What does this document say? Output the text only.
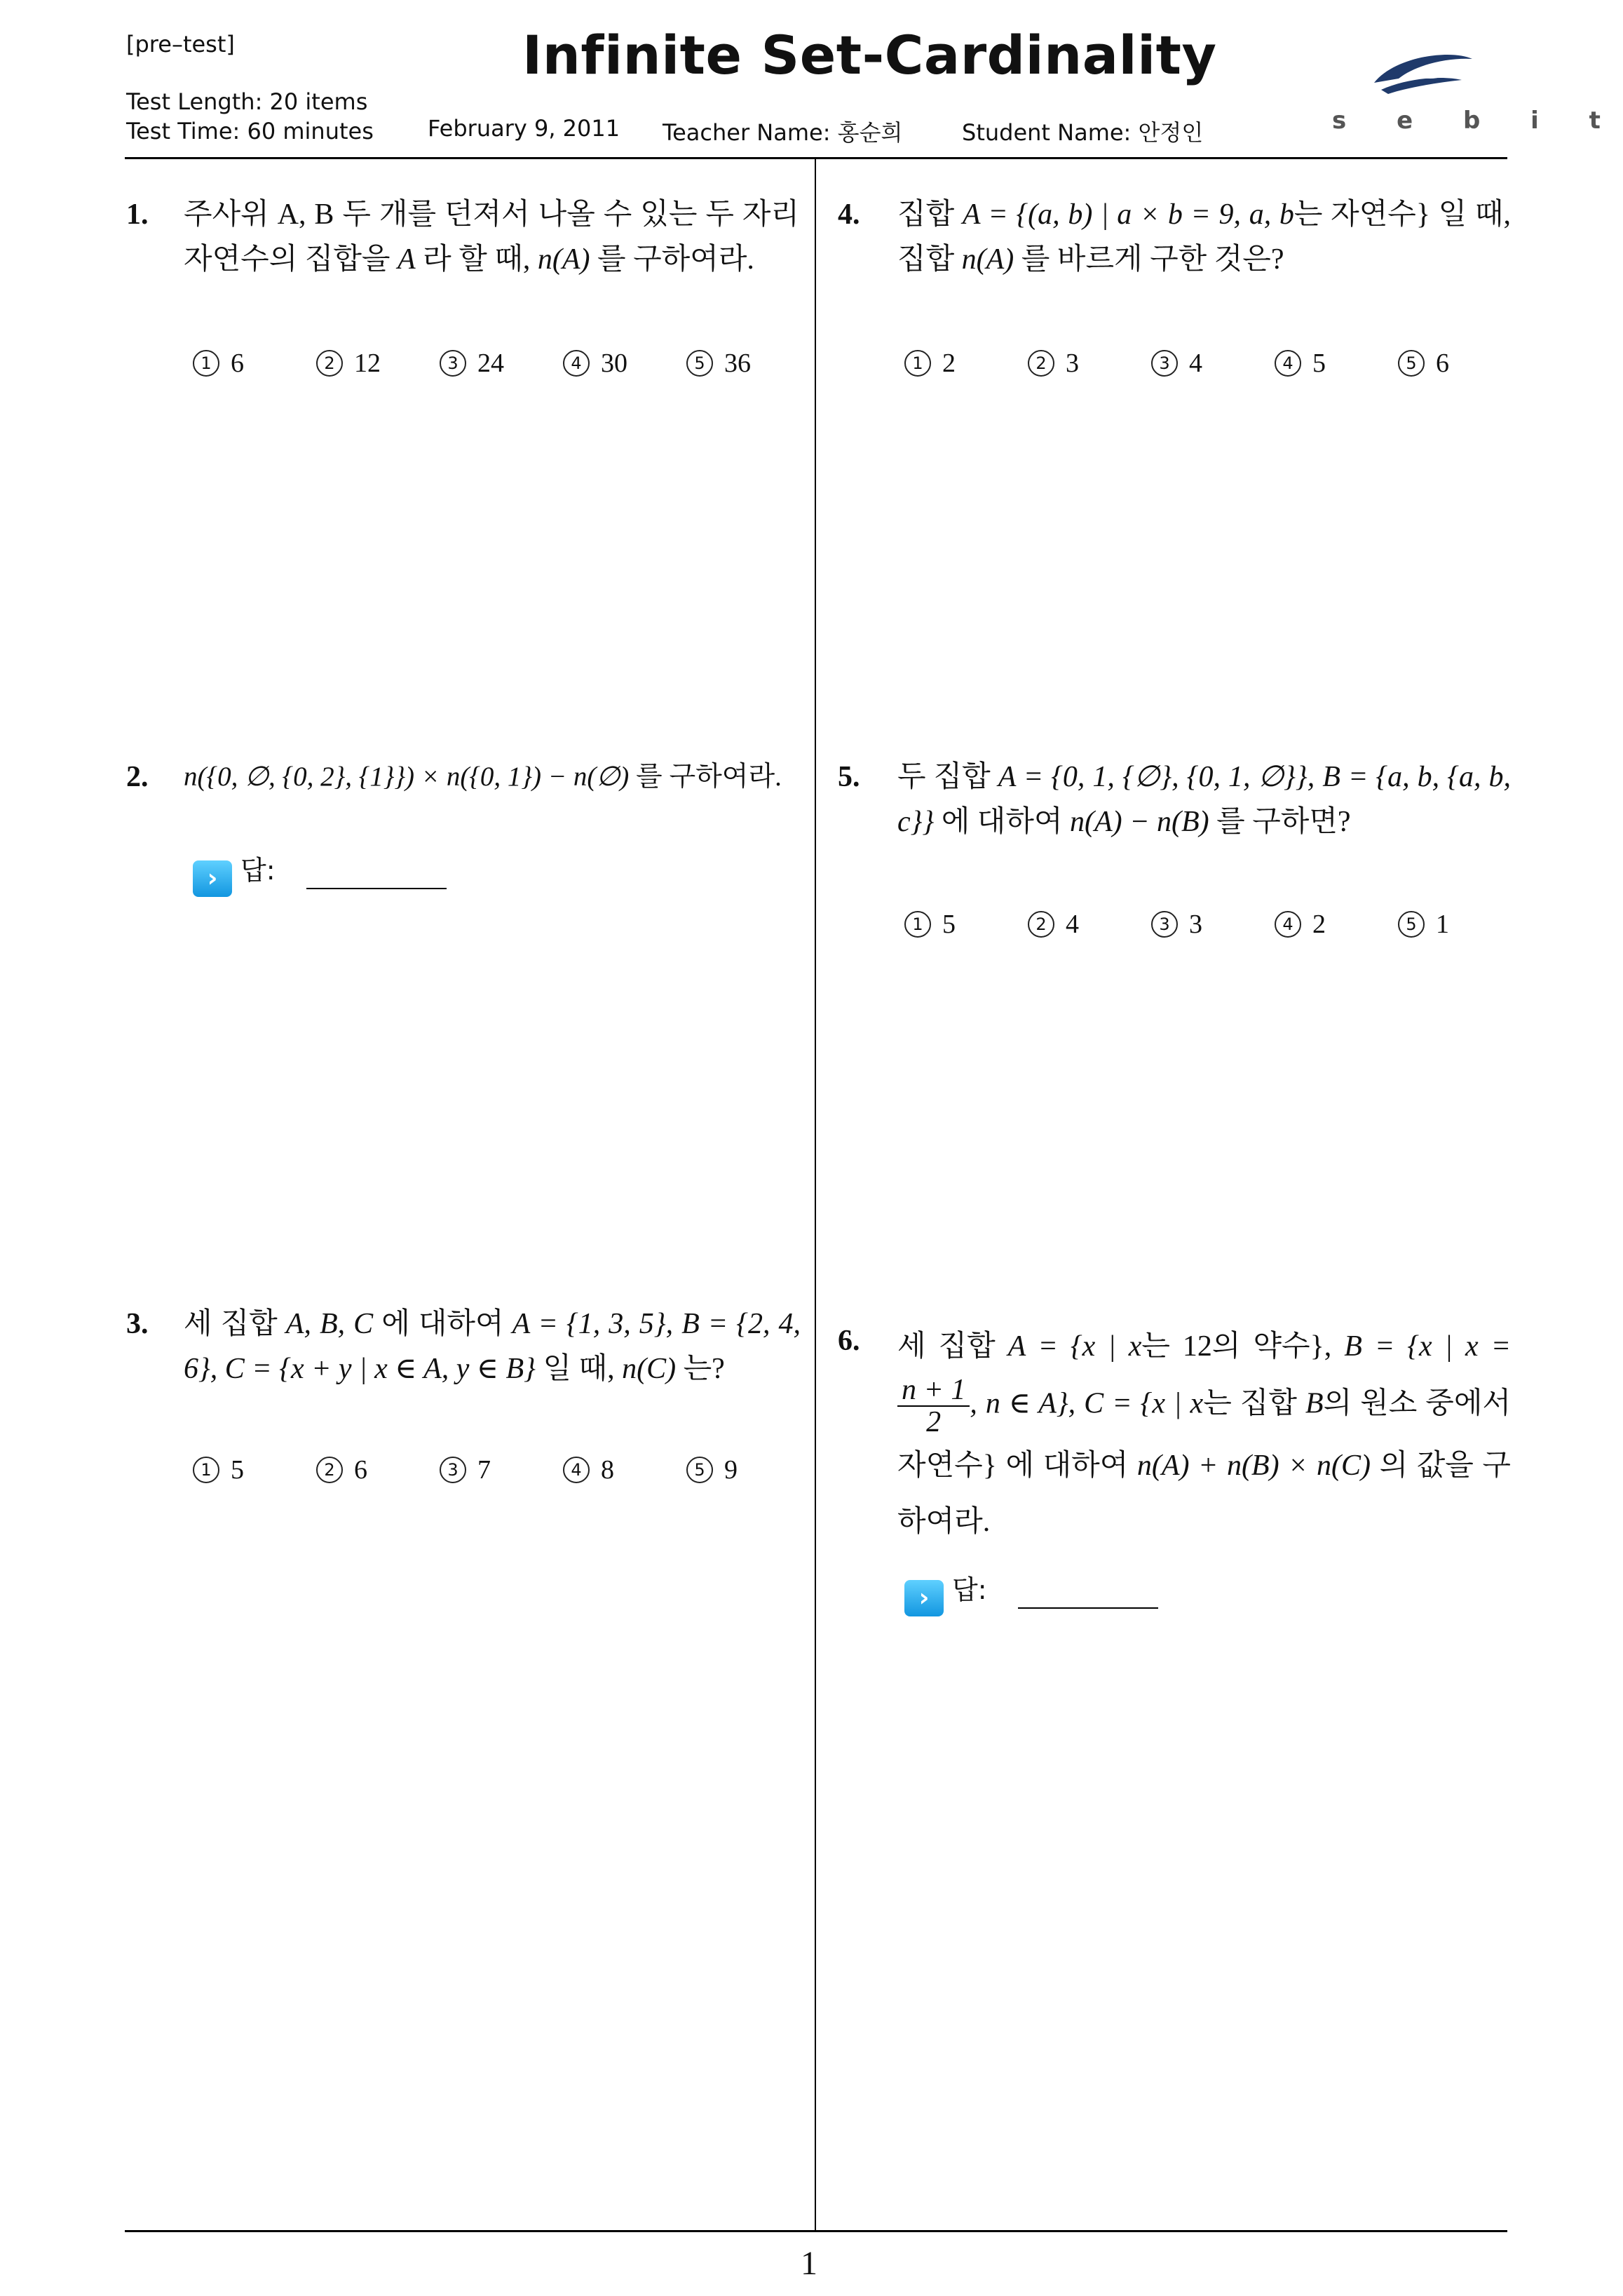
[pre–test]	Infinite Set-Cardinality
Test Length: 20 items
Test Time: 60 minutes February 9, 2011 Teacher Name: 홍순희	Student Name: 안정인	s e b i t
1
1. 주사위 A, B 두 개를 던져서 나올 수 있는 두 자리 자연수의 집합을 A 라 할 때, n(A) 를 구하여라.
1 6	2 12	3 24	4 30	5 36
2. n({0, ∅, {0, 2}, {1}}) × n({0, 1}) − n(∅) 를 구하여라.
› 답:
3. 세 집합 A, B, C 에 대하여 A = {1, 3, 5}, B = {2, 4, 6}, C = {x + y | x ∈ A, y ∈ B} 일 때, n(C) 는?
1 5	2 6	3 7	4 8	5 9
4. 집합 A = {(a, b) | a × b = 9, a, b는 자연수} 일 때, 집합 n(A) 를 바르게 구한 것은?
1 2	2 3	3 4	4 5	5 6
5. 두 집합 A = {0, 1, {∅}, {0, 1, ∅}}, B = {a, b, {a, b, c}} 에 대하여 n(A) − n(B) 를 구하면?
1 5	2 4	3 3	4 2	5 1
6. 세 집합 A = {x | x는 12의 약수}, B = {x | x =
$\frac{n + 1}{2}$ , n ∈ A}, C = {x | x는 집합 B의 원소 중에서 자연수} 에 대하여 n(A) + n(B) × n(C) 의 값을 구하여라.
› 답:
